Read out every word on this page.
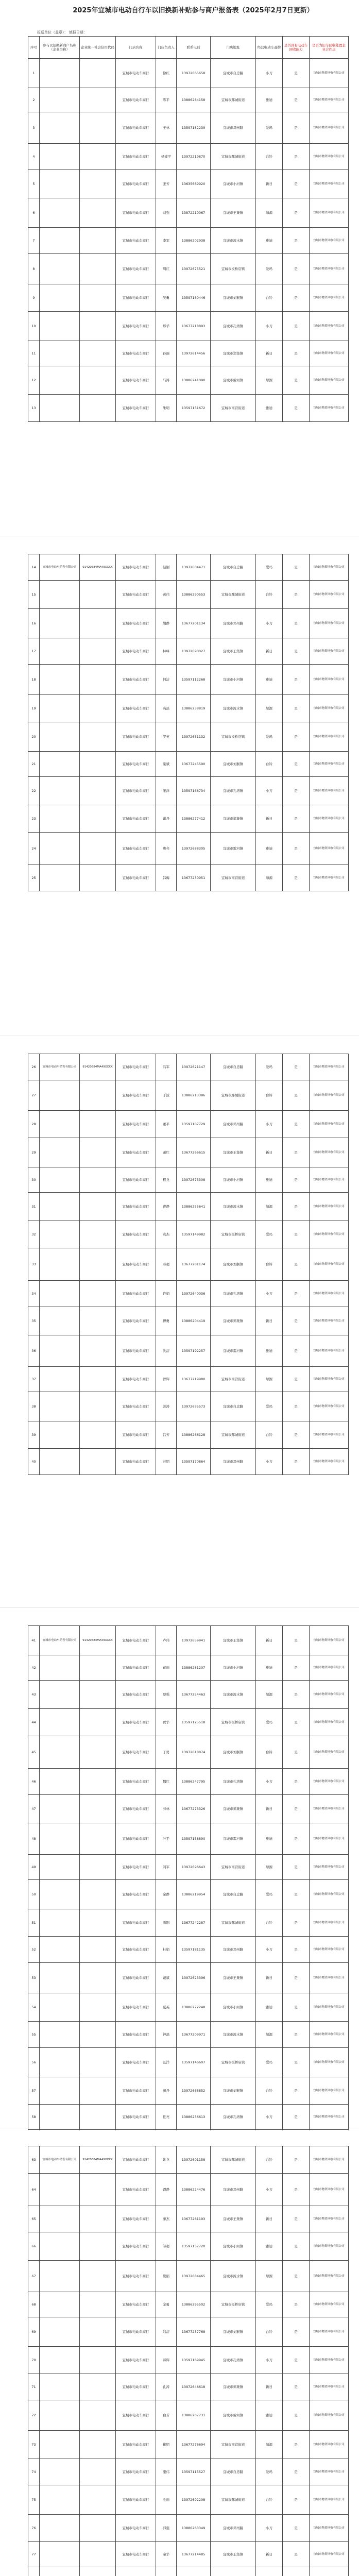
2025年宜城市电动自行车以旧换新补贴参与商户报备表（2025年2月7日更新）
报送单位（盖章）： 填报日期：
序号	参与以旧换新商户名称（企业全称）	企业统一社会信用代码	门店名称	门店负责人	联系电话	门店地址	经营电动车品牌	是否具有电动车回收能力	是否为旧车回收处置企业合作点
1			宜城市电动车商行	徐红	13972665658	宜城市自忠路	小刀	是	宜城市物资回收有限公司
2			宜城市电动车商行	陈平	13886284158	宜城市鄢城街道	雅迪	是	宜城市物资回收有限公司
3			宜城市电动车商行	王林	13597182239	宜城市邓州路	爱玛	是	宜城市物资回收有限公司
4			宜城市电动车商行	杨建平	13972219870	宜城市鄢城街道	台铃	是	宜城市物资回收有限公司
5			宜城市电动车商行	张芳	13635669920	宜城市小河镇	新日	是	宜城市物资回收有限公司
6			宜城市电动车商行	刘强	13872210067	宜城市王集镇	绿源	是	宜城市物资回收有限公司
7			宜城市电动车商行	李军	13886202938	宜城市流水镇	雅迪	是	宜城市物资回收有限公司
8			宜城市电动车商行	周红	13972675521	宜城市板桥店镇	爱玛	是	宜城市物资回收有限公司
9			宜城市电动车商行	吴勇	13597180446	宜城市刘猴镇	台铃	是	宜城市物资回收有限公司
10			宜城市电动车商行	郑华	13677218893	宜城市孔湾镇	小刀	是	宜城市物资回收有限公司
11			宜城市电动车商行	孙丽	13972614456	宜城市郑集镇	新日	是	宜城市物资回收有限公司
12			宜城市电动车商行	马涛	13886241090	宜城市雷河镇	绿源	是	宜城市物资回收有限公司
13			宜城市电动车商行	朱明	13597131672	宜城市南营街道	雅迪	是	宜城市物资回收有限公司
14	宜城市电动车销售有限公司	91420684MA49XXXX	宜城市电动车商行	赵刚	13972604471	宜城市自忠路	爱玛	是	宜城市物资回收有限公司
15			宜城市电动车商行	黄伟	13886290553	宜城市鄢城街道	台铃	是	宜城市物资回收有限公司
16			宜城市电动车商行	胡静	13677201134	宜城市邓州路	小刀	是	宜城市物资回收有限公司
17			宜城市电动车商行	林峰	13972690027	宜城市王集镇	新日	是	宜城市物资回收有限公司
18			宜城市电动车商行	何洁	13597112268	宜城市小河镇	雅迪	是	宜城市物资回收有限公司
19			宜城市电动车商行	高磊	13886238819	宜城市流水镇	绿源	是	宜城市物资回收有限公司
20			宜城市电动车商行	罗英	13972651132	宜城市板桥店镇	爱玛	是	宜城市物资回收有限公司
21			宜城市电动车商行	梁斌	13677245590	宜城市刘猴镇	台铃	是	宜城市物资回收有限公司
22			宜城市电动车商行	宋洋	13597166734	宜城市孔湾镇	小刀	是	宜城市物资回收有限公司
23			宜城市电动车商行	谢丹	13886277412	宜城市郑集镇	新日	是	宜城市物资回收有限公司
24			宜城市电动车商行	唐亮	13972688305	宜城市雷河镇	雅迪	是	宜城市物资回收有限公司
25			宜城市电动车商行	韩梅	13677230951	宜城市南营街道	绿源	是	宜城市物资回收有限公司
26	宜城市电动车销售有限公司	91420684MA49XXXX	宜城市电动车商行	冯军	13972621147	宜城市自忠路	爱玛	是	宜城市物资回收有限公司
27			宜城市电动车商行	于波	13886213386	宜城市鄢城街道	台铃	是	宜城市物资回收有限公司
28			宜城市电动车商行	董平	13597107729	宜城市邓州路	小刀	是	宜城市物资回收有限公司
29			宜城市电动车商行	萧红	13677266615	宜城市王集镇	新日	是	宜城市物资回收有限公司
30			宜城市电动车商行	程龙	13972673308	宜城市小河镇	雅迪	是	宜城市物资回收有限公司
31			宜城市电动车商行	曹静	13886255641	宜城市流水镇	绿源	是	宜城市物资回收有限公司
32			宜城市电动车商行	袁杰	13597149982	宜城市板桥店镇	爱玛	是	宜城市物资回收有限公司
33			宜城市电动车商行	邓超	13677281174	宜城市刘猴镇	台铃	是	宜城市物资回收有限公司
34			宜城市电动车商行	许娟	13972640036	宜城市孔湾镇	小刀	是	宜城市物资回收有限公司
35			宜城市电动车商行	傅勇	13886204419	宜城市郑集镇	新日	是	宜城市物资回收有限公司
36			宜城市电动车商行	沈洁	13597192257	宜城市雷河镇	雅迪	是	宜城市物资回收有限公司
37			宜城市电动车商行	曾辉	13677219980	宜城市南营街道	绿源	是	宜城市物资回收有限公司
38			宜城市电动车商行	彭涛	13972635573	宜城市自忠路	爱玛	是	宜城市物资回收有限公司
39			宜城市电动车商行	吕芳	13886266128	宜城市鄢城街道	台铃	是	宜城市物资回收有限公司
40			宜城市电动车商行	苏明	13597170864	宜城市邓州路	小刀	是	宜城市物资回收有限公司
41	宜城市电动车销售有限公司	91420684MA49XXXX	宜城市电动车商行	卢伟	13972659941	宜城市王集镇	新日	是	宜城市物资回收有限公司
42			宜城市电动车商行	蒋丽	13886281207	宜城市小河镇	雅迪	是	宜城市物资回收有限公司
43			宜城市电动车商行	蔡强	13677254463	宜城市流水镇	绿源	是	宜城市物资回收有限公司
44			宜城市电动车商行	贾华	13597125518	宜城市板桥店镇	爱玛	是	宜城市物资回收有限公司
45			宜城市电动车商行	丁勇	13972618874	宜城市刘猴镇	台铃	是	宜城市物资回收有限公司
46			宜城市电动车商行	魏红	13886247795	宜城市孔湾镇	小刀	是	宜城市物资回收有限公司
47			宜城市电动车商行	薛林	13677273326	宜城市郑集镇	新日	是	宜城市物资回收有限公司
48			宜城市电动车商行	叶平	13597158890	宜城市雷河镇	雅迪	是	宜城市物资回收有限公司
49			宜城市电动车商行	阎军	13972696643	宜城市南营街道	绿源	是	宜城市物资回收有限公司
50			宜城市电动车商行	余静	13886219954	宜城市自忠路	爱玛	是	宜城市物资回收有限公司
51			宜城市电动车商行	潘刚	13677242287	宜城市鄢城街道	台铃	是	宜城市物资回收有限公司
52			宜城市电动车商行	杜娟	13597181135	宜城市邓州路	小刀	是	宜城市物资回收有限公司
53			宜城市电动车商行	戴斌	13972623396	宜城市王集镇	新日	是	宜城市物资回收有限公司
54			宜城市电动车商行	夏英	13886272248	宜城市小河镇	雅迪	是	宜城市物资回收有限公司
55			宜城市电动车商行	钟磊	13677209971	宜城市流水镇	绿源	是	宜城市物资回收有限公司
56			宜城市电动车商行	汪洋	13597146607	宜城市板桥店镇	爱玛	是	宜城市物资回收有限公司
57			宜城市电动车商行	田丹	13972668852	宜城市刘猴镇	台铃	是	宜城市物资回收有限公司
58			宜城市电动车商行	任亮	13886236613	宜城市孔湾镇	小刀	是	宜城市物资回收有限公司

63	宜城市电动车销售有限公司	91420684MA49XXXX	宜城市电动车商行	姚龙	13972601158	宜城市鄢城街道	台铃	是	宜城市物资回收有限公司
64			宜城市电动车商行	谭静	13886224476	宜城市邓州路	小刀	是	宜城市物资回收有限公司
65			宜城市电动车商行	廖杰	13677261193	宜城市王集镇	新日	是	宜城市物资回收有限公司
66			宜城市电动车商行	邹超	13597137720	宜城市小河镇	雅迪	是	宜城市物资回收有限公司
67			宜城市电动车商行	熊娟	13972684465	宜城市流水镇	绿源	是	宜城市物资回收有限公司
68			宜城市电动车商行	金勇	13886295502	宜城市板桥店镇	爱玛	是	宜城市物资回收有限公司
69			宜城市电动车商行	陆洁	13677237768	宜城市刘猴镇	台铃	是	宜城市物资回收有限公司
70			宜城市电动车商行	郝辉	13597169945	宜城市孔湾镇	小刀	是	宜城市物资回收有限公司
71			宜城市电动车商行	孔涛	13972646618	宜城市郑集镇	新日	是	宜城市物资回收有限公司
72			宜城市电动车商行	白芳	13886207731	宜城市雷河镇	雅迪	是	宜城市物资回收有限公司
73			宜城市电动车商行	崔明	13677276694	宜城市南营街道	绿源	是	宜城市物资回收有限公司
74			宜城市电动车商行	康伟	13597115527	宜城市自忠路	爱玛	是	宜城市物资回收有限公司
75			宜城市电动车商行	毛丽	13972692208	宜城市鄢城街道	台铃	是	宜城市物资回收有限公司
76			宜城市电动车商行	邱强	13886263349	宜城市邓州路	小刀	是	宜城市物资回收有限公司
77			宜城市电动车商行	秦华	13677214485	宜城市王集镇	新日	是	宜城市物资回收有限公司
